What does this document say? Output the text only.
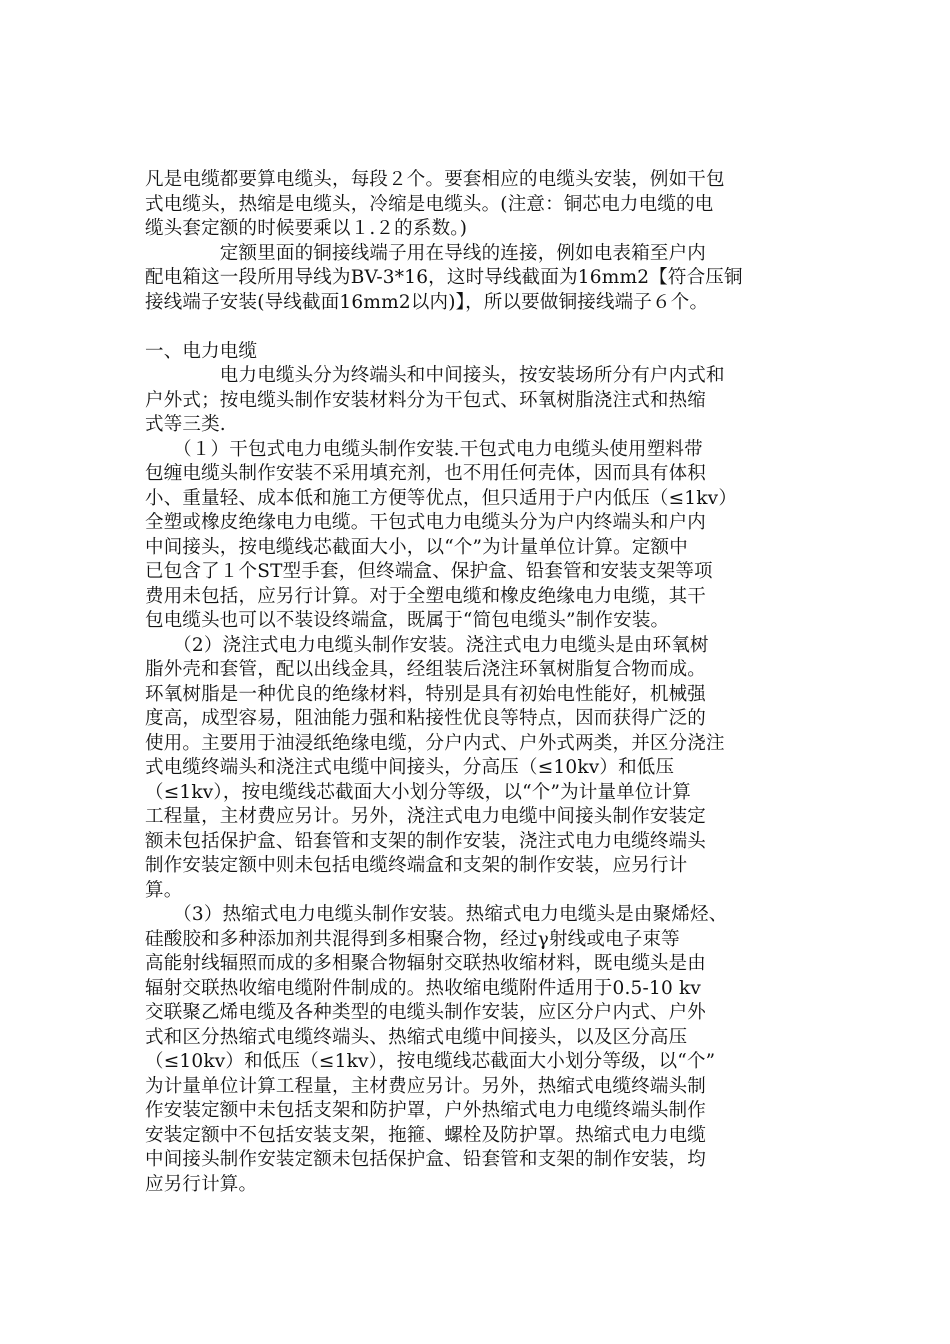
凡是电缆都要算电缆头，每段２个。要套相应的电缆头安装，例如干包
式电缆头，热缩是电缆头，冷缩是电缆头。(注意：铜芯电力电缆的电
缆头套定额的时候要乘以１.２的系数。)
　　　　定额里面的铜接线端子用在导线的连接，例如电表箱至户内
配电箱这一段所用导线为BV-3*16，这时导线截面为16mm2【符合压铜
接线端子安装(导线截面16mm2以内)】，所以要做铜接线端子６个。
一、电力电缆
　　　　电力电缆头分为终端头和中间接头，按安装场所分有户内式和
户外式；按电缆头制作安装材料分为干包式、环氧树脂浇注式和热缩
式等三类.
　　（１）干包式电力电缆头制作安装.干包式电力电缆头使用塑料带
包缠电缆头制作安装不采用填充剂，也不用任何壳体，因而具有体积
小、重量轻、成本低和施工方便等优点，但只适用于户内低压（≤1kv）
全塑或橡皮绝缘电力电缆。干包式电力电缆头分为户内终端头和户内
中间接头，按电缆线芯截面大小，以“个”为计量单位计算。定额中
已包含了１个ST型手套，但终端盒、保护盒、铅套管和安装支架等项
费用未包括，应另行计算。对于全塑电缆和橡皮绝缘电力电缆，其干
包电缆头也可以不装设终端盒，既属于“简包电缆头”制作安装。
　　（2）浇注式电力电缆头制作安装。浇注式电力电缆头是由环氧树
脂外壳和套管，配以出线金具，经组装后浇注环氧树脂复合物而成。
环氧树脂是一种优良的绝缘材料，特别是具有初始电性能好，机械强
度高，成型容易，阻油能力强和粘接性优良等特点，因而获得广泛的
使用。主要用于油浸纸绝缘电缆，分户内式、户外式两类，并区分浇注
式电缆终端头和浇注式电缆中间接头，分高压（≤10kv）和低压
（≤1kv），按电缆线芯截面大小划分等级，以“个”为计量单位计算
工程量，主材费应另计。另外，浇注式电力电缆中间接头制作安装定
额未包括保护盒、铅套管和支架的制作安装，浇注式电力电缆终端头
制作安装定额中则未包括电缆终端盒和支架的制作安装，应另行计
算。
　　（3）热缩式电力电缆头制作安装。热缩式电力电缆头是由聚烯烃、
硅酸胶和多种添加剂共混得到多相聚合物，经过γ射线或电子束等
高能射线辐照而成的多相聚合物辐射交联热收缩材料，既电缆头是由
辐射交联热收缩电缆附件制成的。热收缩电缆附件适用于0.5-10 kv
交联聚乙烯电缆及各种类型的电缆头制作安装，应区分户内式、户外
式和区分热缩式电缆终端头、热缩式电缆中间接头，以及区分高压
（≤10kv）和低压（≤1kv），按电缆线芯截面大小划分等级，以“个”
为计量单位计算工程量，主材费应另计。另外，热缩式电缆终端头制
作安装定额中未包括支架和防护罩，户外热缩式电力电缆终端头制作
安装定额中不包括安装支架，拖箍、螺栓及防护罩。热缩式电力电缆
中间接头制作安装定额未包括保护盒、铅套管和支架的制作安装，均
应另行计算。
